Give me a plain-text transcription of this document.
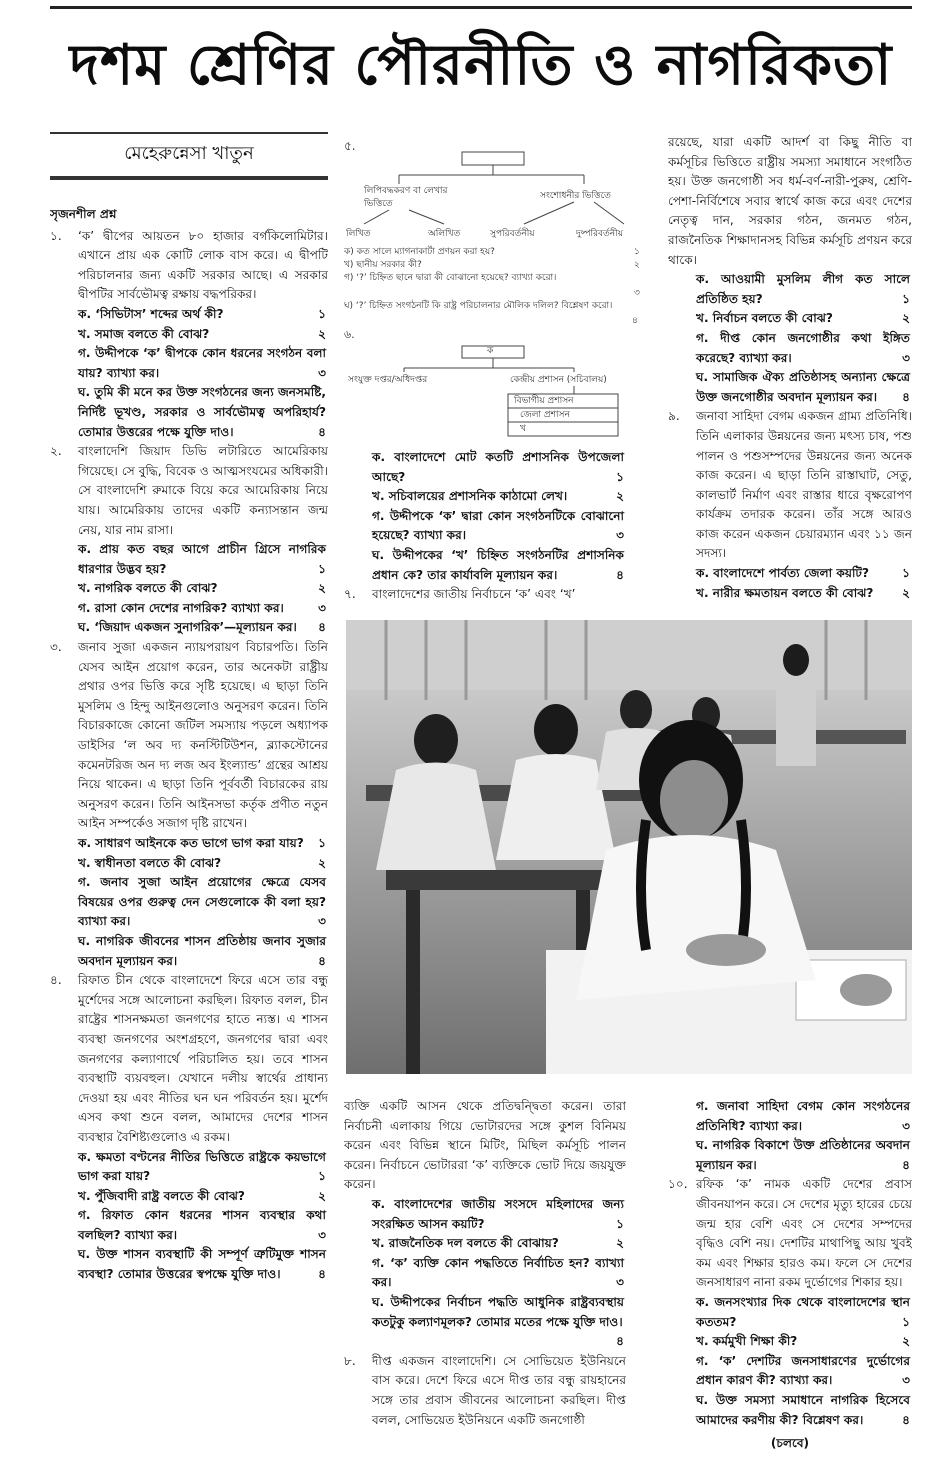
দশম শ্রেণির পৌরনীতি ও নাগরিকতা
মেহেরুন্নেসা খাতুন
সৃজনশীল প্রশ্ন
১.	‘ক’ দ্বীপের আয়তন ৮০ হাজার বর্গকিলোমিটার। এখানে প্রায় এক কোটি লোক বাস করে। এ দ্বীপটি পরিচালনার জন্য একটি সরকার আছে। এ সরকার দ্বীপটির সার্বভৌমত্ব রক্ষায় বদ্ধপরিকর।
ক. ‘সিভিটাস’ শব্দের অর্থ কী?	১
খ. সমাজ বলতে কী বোঝ?	২
গ. উদ্দীপকে ‘ক’ দ্বীপকে কোন ধরনের সংগঠন বলা যায়? ব্যাখ্যা কর।	৩
ঘ. তুমি কী মনে কর উক্ত সংগঠনের জন্য জনসমষ্টি, নির্দিষ্ট ভূখণ্ড, সরকার ও সার্বভৌমত্ব অপরিহার্য? তোমার উত্তরের পক্ষে যুক্তি দাও।	৪
২.	বাংলাদেশি জিয়াদ ডিভি লটারিতে আমেরিকায় গিয়েছে। সে বুদ্ধি, বিবেক ও আত্মসংযমের অধিকারী। সে বাংলাদেশি রুমাকে বিয়ে করে আমেরিকায় নিয়ে যায়। আমেরিকায় তাদের একটি কন্যাসন্তান জন্ম নেয়, যার নাম রাসা।
ক. প্রায় কত বছর আগে প্রাচীন গ্রিসে নাগরিক ধারণার উদ্ভব হয়?	১
খ. নাগরিক বলতে কী বোঝ?	২
গ. রাসা কোন দেশের নাগরিক? ব্যাখ্যা কর।	৩
ঘ. ‘জিয়াদ একজন সুনাগরিক’—মূল্যায়ন কর। ৪
৩.	জনাব সুজা একজন ন্যায়পরায়ণ বিচারপতি। তিনি যেসব আইন প্রয়োগ করেন, তার অনেকটা রাষ্ট্রীয় প্রথার ওপর ভিত্তি করে সৃষ্টি হয়েছে। এ ছাড়া তিনি মুসলিম ও হিন্দু আইনগুলোও অনুসরণ করেন। তিনি বিচারকাজে কোনো জটিল সমস্যায় পড়লে অধ্যাপক ডাইসির ‘ল অব দ্য কনস্টিটিউশন, ব্ল্যাকস্টোনের কমেনটরিজ অন দ্য লজ অব ইংল্যান্ড’ গ্রন্থের আশ্রয় নিয়ে থাকেন। এ ছাড়া তিনি পূর্ববর্তী বিচারকের রায় অনুসরণ করেন। তিনি আইনসভা কর্তৃক প্রণীত নতুন আইন সম্পর্কেও সজাগ দৃষ্টি রাখেন।
ক. সাধারণ আইনকে কত ভাগে ভাগ করা যায়? ১
খ. স্বাধীনতা বলতে কী বোঝ?	২
গ. জনাব সুজা আইন প্রয়োগের ক্ষেত্রে যেসব বিষয়ের ওপর গুরুত্ব দেন সেগুলোকে কী বলা হয়? ব্যাখ্যা কর।	৩
ঘ. নাগরিক জীবনের শাসন প্রতিষ্ঠায় জনাব সুজার অবদান মূল্যায়ন কর।	৪
৪.	রিফাত চীন থেকে বাংলাদেশে ফিরে এসে তার বন্ধু মুর্শেদের সঙ্গে আলোচনা করছিল। রিফাত বলল, চীন রাষ্ট্রের শাসনক্ষমতা জনগণের হাতে ন্যস্ত। এ শাসন ব্যবস্থা জনগণের অংশগ্রহণে, জনগণের দ্বারা এবং জনগণের কল্যাণার্থে পরিচালিত হয়। তবে শাসন ব্যবস্থাটি ব্যয়বহুল। যেখানে দলীয় স্বার্থের প্রাধান্য দেওয়া হয় এবং নীতির ঘন ঘন পরিবর্তন হয়। মুর্শেদ এসব কথা শুনে বলল, আমাদের দেশের শাসন ব্যবস্থার বৈশিষ্ট্যগুলোও এ রকম।
ক. ক্ষমতা বণ্টনের নীতির ভিত্তিতে রাষ্ট্রকে কয়ভাগে ভাগ করা যায়?	১
খ. পুঁজিবাদী রাষ্ট্র বলতে কী বোঝ?	২
গ. রিফাত কোন ধরনের শাসন ব্যবস্থার কথা বলছিল? ব্যাখ্যা কর।	৩
ঘ. উক্ত শাসন ব্যবস্থাটি কী সম্পূর্ণ ত্রুটিমুক্ত শাসন ব্যবস্থা? তোমার উত্তরের স্বপক্ষে যুক্তি দাও।	৪
৫.
লিপিবদ্ধকরণ বা লেখার ভিত্তিতে
সংশোধনীর ভিত্তিতে
লিখিত	অলিখিত	সুপরিবর্তনীয়	দুষ্পরিবর্তনীয়
ক) কত সালে ম্যাগনাকার্টা প্রণয়ন করা হয়?	১
খ) ছানীয় সরকার কী?	২
গ) ‘?’ চিহ্নিত ছানে দ্বারা কী বোঝানো হয়েছে? ব্যাখ্যা করো।
৩
ঘ) ‘?’ চিহ্নিত সংগঠনটি কি রাষ্ট্র পরিচালনার মৌলিক দলিল? বিশ্লেষণ করো।
৪
৬.
ক
সংযুক্ত দপ্তর/অধিদপ্তর	কেন্দ্রীয় প্রশাসন (সচিবালয়)
বিভাগীয় প্রশাসন
জেলা প্রশাসন
খ
ক. বাংলাদেশে মোট কতটি প্রশাসনিক উপজেলা আছে?	১
খ. সচিবালয়ের প্রশাসনিক কাঠামো লেখ।	২
গ. উদ্দীপকে ‘ক’ দ্বারা কোন সংগঠনটিকে বোঝানো হয়েছে? ব্যাখ্যা কর।	৩
ঘ. উদ্দীপকের ‘খ’ চিহ্নিত সংগঠনটির প্রশাসনিক প্রধান কে? তার কার্যাবলি মূল্যায়ন কর।	৪
৭.	বাংলাদেশের জাতীয় নির্বাচনে ‘ক’ এবং ‘খ’
রয়েছে, যারা একটি আদর্শ বা কিছু নীতি বা কর্মসূচির ভিত্তিতে রাষ্ট্রীয় সমস্যা সমাধানে সংগঠিত হয়। উক্ত জনগোষ্ঠী সব ধর্ম-বর্ণ-নারী-পুরুষ, শ্রেণি-পেশা-নির্বিশেষে সবার স্বার্থে কাজ করে এবং দেশের নেতৃত্ব দান, সরকার গঠন, জনমত গঠন, রাজনৈতিক শিক্ষাদানসহ বিভিন্ন কর্মসূচি প্রণয়ন করে থাকে।
ক. আওয়ামী মুসলিম লীগ কত সালে প্রতিষ্ঠিত হয়?	১
খ. নির্বাচন বলতে কী বোঝ?	২
গ. দীপ্ত কোন জনগোষ্ঠীর কথা ইঙ্গিত করেছে? ব্যাখ্যা কর।	৩
ঘ. সামাজিক ঐক্য প্রতিষ্ঠাসহ অন্যান্য ক্ষেত্রে উক্ত জনগোষ্ঠীর অবদান মূল্যায়ন কর। ৪
৯.	জনাবা সাহিদা বেগম একজন গ্রাম্য প্রতিনিধি। তিনি এলাকার উন্নয়নের জন্য মৎস্য চাষ, পশু পালন ও পশুসম্পদের উন্নয়নের জন্য অনেক কাজ করেন। এ ছাড়া তিনি রাস্তাঘাট, সেতু, কালভার্ট নির্মাণ এবং রাস্তার ধারে বৃক্ষরোপণ কার্যক্রম তদারক করেন। তাঁর সঙ্গে আরও কাজ করেন একজন চেয়ারম্যান এবং ১১ জন সদস্য।
ক. বাংলাদেশে পার্বত্য জেলা কয়টি?	১
খ. নারীর ক্ষমতায়ন বলতে কী বোঝ? ২
ব্যক্তি একটি আসন থেকে প্রতিদ্বন্দ্বিতা করেন। তারা নির্বাচনী এলাকায় গিয়ে ভোটারদের সঙ্গে কুশল বিনিময় করেন এবং বিভিন্ন স্থানে মিটিং, মিছিল কর্মসূচি পালন করেন। নির্বাচনে ভোটাররা ‘ক’ ব্যক্তিকে ভোট দিয়ে জয়যুক্ত করেন।
ক. বাংলাদেশের জাতীয় সংসদে মহিলাদের জন্য সংরক্ষিত আসন কয়টি?	১
খ. রাজনৈতিক দল বলতে কী বোঝায়?	২
গ. ‘ক’ ব্যক্তি কোন পদ্ধতিতে নির্বাচিত হন? ব্যাখ্যা কর।	৩
ঘ. উদ্দীপকের নির্বাচন পদ্ধতি আধুনিক রাষ্ট্রব্যবস্থায় কতটুকু কল্যাণমূলক? তোমার মতের পক্ষে যুক্তি দাও।
৪
৮.	দীপ্ত একজন বাংলাদেশি। সে সোভিয়েত ইউনিয়নে বাস করে। দেশে ফিরে এসে দীপ্ত তার বন্ধু রায়হানের সঙ্গে তার প্রবাস জীবনের আলোচনা করছিল। দীপ্ত বলল, সোভিয়েত ইউনিয়নে একটি জনগোষ্ঠী
গ. জনাবা সাহিদা বেগম কোন সংগঠনের প্রতিনিধি? ব্যাখ্যা কর।	৩
ঘ. নাগরিক বিকাশে উক্ত প্রতিষ্ঠানের অবদান মূল্যায়ন কর।	৪
১০. রফিক ‘ক’ নামক একটি দেশের প্রবাস জীবনযাপন করে। সে দেশের মৃত্যু হারের চেয়ে জন্ম হার বেশি এবং সে দেশের সম্পদের বৃদ্ধিও বেশি নয়। দেশটির মাথাপিছু আয় খুবই কম এবং শিক্ষার হারও কম। ফলে সে দেশের জনসাধারণ নানা রকম দুর্ভোগের শিকার হয়।
ক. জনসংখ্যার দিক থেকে বাংলাদেশের স্থান কততম?	১
খ. কর্মমুখী শিক্ষা কী?	২
গ. ‘ক’ দেশটির জনসাধারণের দুর্ভোগের প্রধান কারণ কী? ব্যাখ্যা কর।	৩
ঘ. উক্ত সমস্যা সমাধানে নাগরিক হিসেবে আমাদের করণীয় কী? বিশ্লেষণ কর।	৪
(চলবে)
